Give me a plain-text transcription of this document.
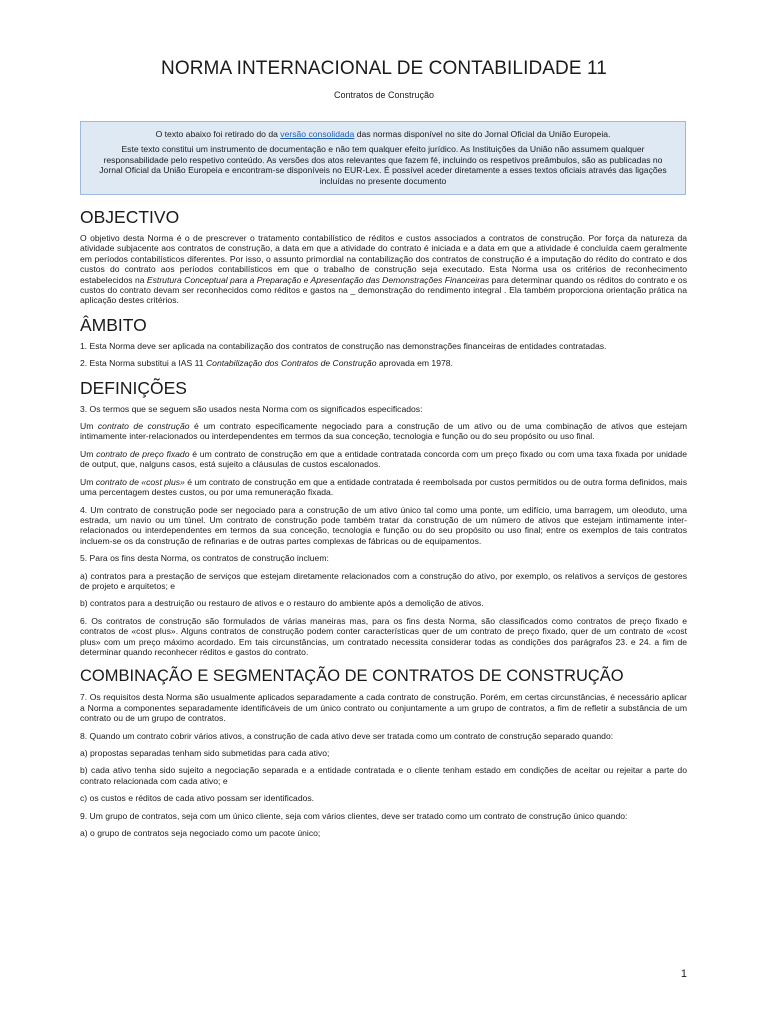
NORMA INTERNACIONAL DE CONTABILIDADE 11

Contratos de Construção

O texto abaixo foi retirado do da versão consolidada das normas disponível no site do Jornal Oficial da União Europeia.

Este texto constitui um instrumento de documentação e não tem qualquer efeito jurídico. As Instituições da União não assumem qualquer responsabilidade pelo respetivo conteúdo. As versões dos atos relevantes que fazem fé, incluindo os respetivos preâmbulos, são as publicadas no Jornal Oficial da União Europeia e encontram-se disponíveis no EUR-Lex. É possível aceder diretamente a esses textos oficiais através das ligações incluídas no presente documento

OBJECTIVO

O objetivo desta Norma é o de prescrever o tratamento contabilístico de réditos e custos associados a contratos de construção. Por força da natureza da atividade subjacente aos contratos de construção, a data em que a atividade do contrato é iniciada e a data em que a atividade é concluída caem geralmente em períodos contabilísticos diferentes. Por isso, o assunto primordial na contabilização dos contratos de construção é a imputação do rédito do contrato e dos custos do contrato aos períodos contabilísticos em que o trabalho de construção seja executado. Esta Norma usa os critérios de reconhecimento estabelecidos na Estrutura Conceptual para a Preparação e Apresentação das Demonstrações Financeiras para determinar quando os réditos do contrato e os custos do contrato devam ser reconhecidos como réditos e gastos na _ demonstração do rendimento integral . Ela também proporciona orientação prática na aplicação destes critérios.

ÂMBITO

1. Esta Norma deve ser aplicada na contabilização dos contratos de construção nas demonstrações financeiras de entidades contratadas.

2. Esta Norma substitui a IAS 11 Contabilização dos Contratos de Construção aprovada em 1978.

DEFINIÇÕES

3. Os termos que se seguem são usados nesta Norma com os significados especificados:

Um contrato de construção é um contrato especificamente negociado para a construção de um ativo ou de uma combinação de ativos que estejam intimamente inter-relacionados ou interdependentes em termos da sua conceção, tecnologia e função ou do seu propósito ou uso final.

Um contrato de preço fixado é um contrato de construção em que a entidade contratada concorda com um preço fixado ou com uma taxa fixada por unidade de output, que, nalguns casos, está sujeito a cláusulas de custos escalonados.

Um contrato de «cost plus» é um contrato de construção em que a entidade contratada é reembolsada por custos permitidos ou de outra forma definidos, mais uma percentagem destes custos, ou por uma remuneração fixada.

4. Um contrato de construção pode ser negociado para a construção de um ativo único tal como uma ponte, um edifício, uma barragem, um oleoduto, uma estrada, um navio ou um túnel. Um contrato de construção pode também tratar da construção de um número de ativos que estejam intimamente inter-relacionados ou interdependentes em termos da sua conceção, tecnologia e função ou do seu propósito ou uso final; entre os exemplos de tais contratos incluem-se os da construção de refinarias e de outras partes complexas de fábricas ou de equipamentos.

5. Para os fins desta Norma, os contratos de construção incluem:

a) contratos para a prestação de serviços que estejam diretamente relacionados com a construção do ativo, por exemplo, os relativos a serviços de gestores de projeto e arquitetos; e

b) contratos para a destruição ou restauro de ativos e o restauro do ambiente após a demolição de ativos.

6. Os contratos de construção são formulados de várias maneiras mas, para os fins desta Norma, são classificados como contratos de preço fixado e contratos de «cost plus». Alguns contratos de construção podem conter características quer de um contrato de preço fixado, quer de um contrato de «cost plus» com um preço máximo acordado. Em tais circunstâncias, um contratado necessita considerar todas as condições dos parágrafos 23. e 24. a fim de determinar quando reconhecer réditos e gastos do contrato.

COMBINAÇÃO E SEGMENTAÇÃO DE CONTRATOS DE CONSTRUÇÃO

7. Os requisitos desta Norma são usualmente aplicados separadamente a cada contrato de construção. Porém, em certas circunstâncias, é necessário aplicar a Norma a componentes separadamente identificáveis de um único contrato ou conjuntamente a um grupo de contratos, a fim de refletir a substância de um contrato ou de um grupo de contratos.

8. Quando um contrato cobrir vários ativos, a construção de cada ativo deve ser tratada como um contrato de construção separado quando:

a) propostas separadas tenham sido submetidas para cada ativo;

b) cada ativo tenha sido sujeito a negociação separada e a entidade contratada e o cliente tenham estado em condições de aceitar ou rejeitar a parte do contrato relacionada com cada ativo; e

c) os custos e réditos de cada ativo possam ser identificados.

9. Um grupo de contratos, seja com um único cliente, seja com vários clientes, deve ser tratado como um contrato de construção único quando:

a) o grupo de contratos seja negociado como um pacote único;

1
